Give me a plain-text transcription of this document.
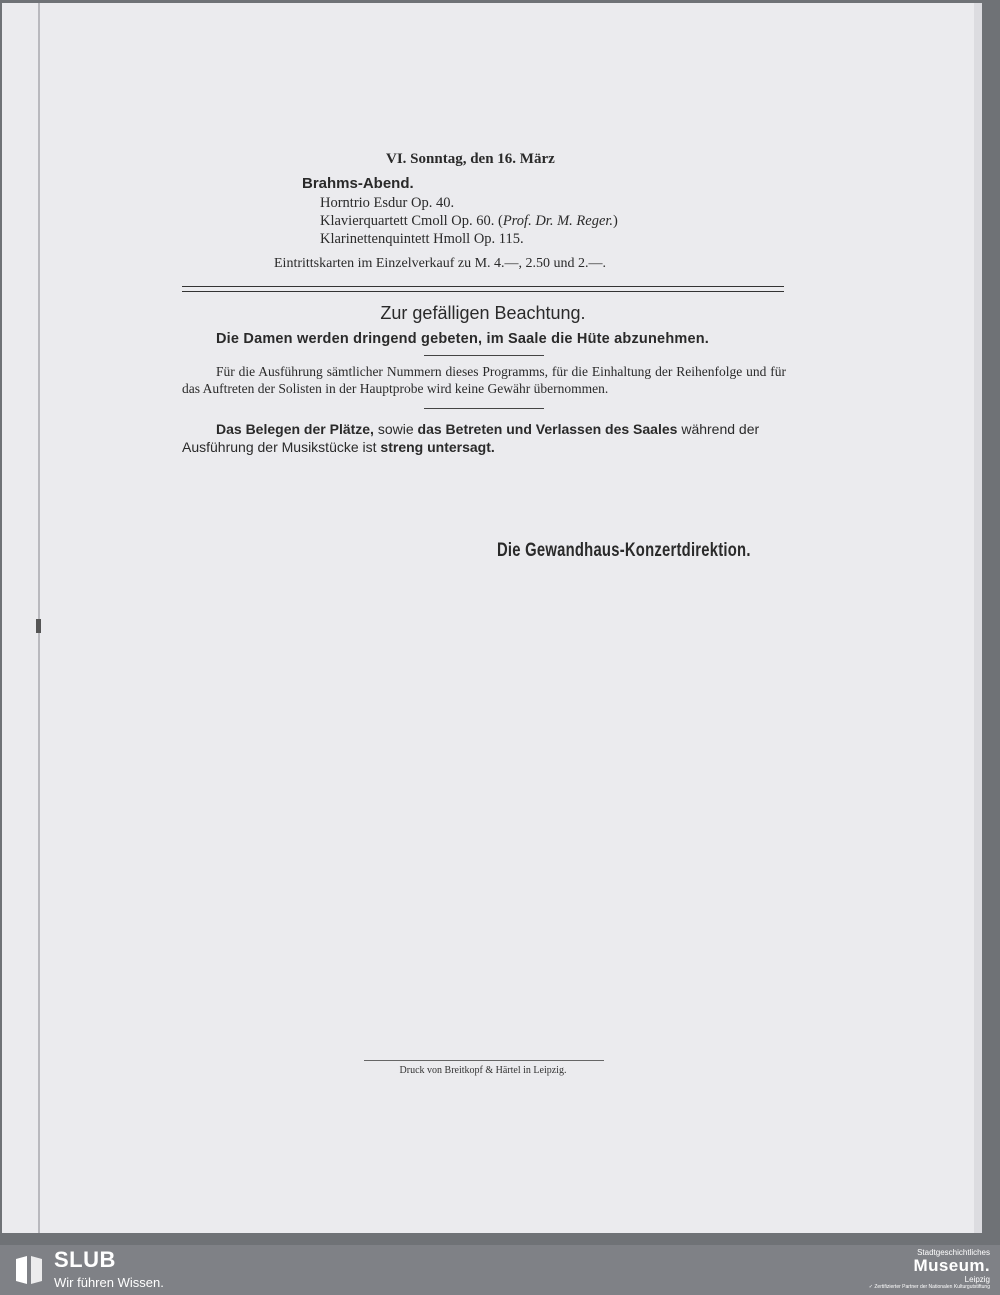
VI. Sonntag, den 16. März
Brahms-Abend.
Horntrio Esdur Op. 40.
Klavierquartett Cmoll Op. 60. (Prof. Dr. M. Reger.)
Klarinettenquintett Hmoll Op. 115.
Eintrittskarten im Einzelverkauf zu M. 4.—, 2.50 und 2.—.
Zur gefälligen Beachtung.
Die Damen werden dringend gebeten, im Saale die Hüte abzunehmen.
Für die Ausführung sämtlicher Nummern dieses Programms, für die Einhaltung der Reihenfolge und für das Auftreten der Solisten in der Hauptprobe wird keine Gewähr übernommen.
Das Belegen der Plätze, sowie das Betreten und Verlassen des Saales während der Ausführung der Musikstücke ist streng untersagt.
Die Gewandhaus-Konzertdirektion.
Druck von Breitkopf & Härtel in Leipzig.
SLUB
Wir führen Wissen.
Stadtgeschichtliches
Museum.
Leipzig
✓ Zertifizierter Partner der Nationalen Kulturgutstiftung
